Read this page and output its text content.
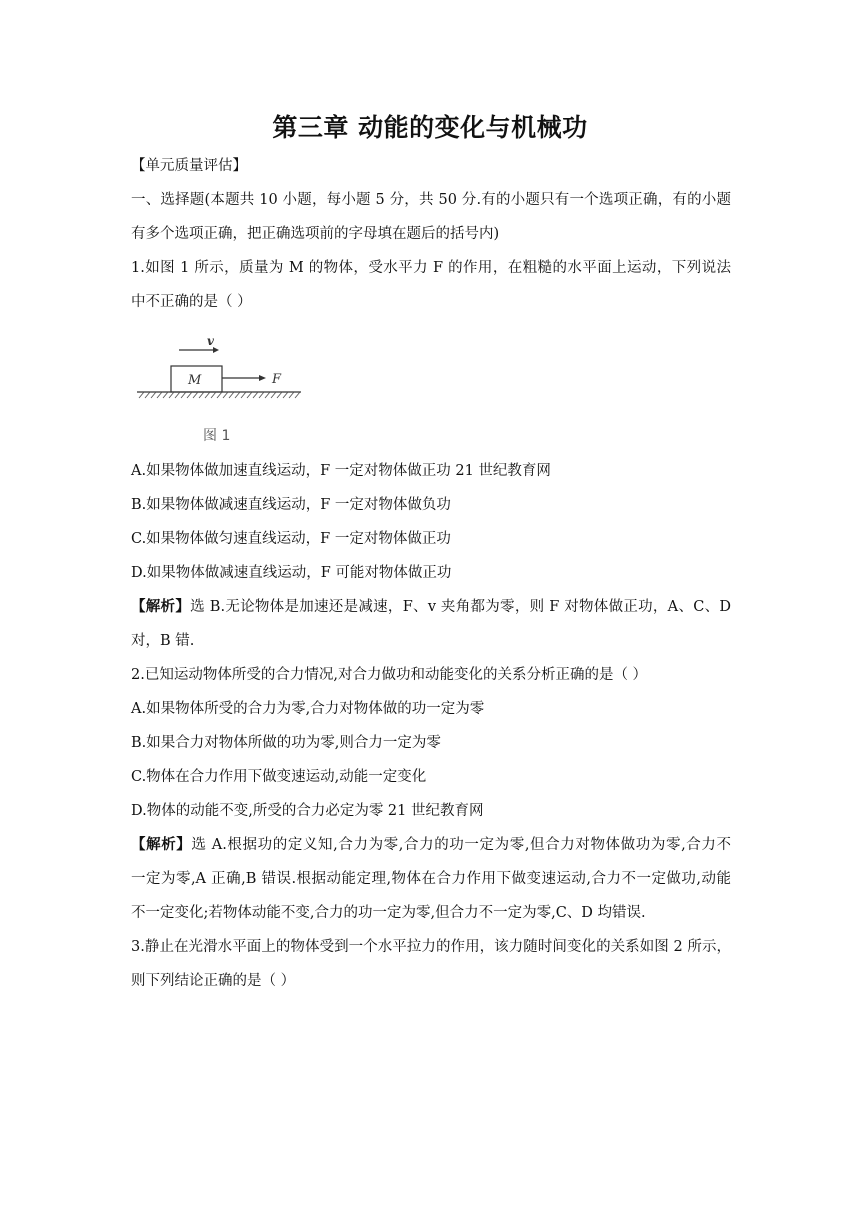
第三章 动能的变化与机械功
【单元质量评估】
一、选择题(本题共 10 小题，每小题 5 分，共 50 分.有的小题只有一个选项正确，有的小题
有多个选项正确，把正确选项前的字母填在题后的括号内)
1.如图 1 所示，质量为 M 的物体，受水平力 F 的作用，在粗糙的水平面上运动，下列说法
中不正确的是（ ）
v
M	F
图 1
A.如果物体做加速直线运动，F 一定对物体做正功 21 世纪教育网
B.如果物体做减速直线运动，F 一定对物体做负功
C.如果物体做匀速直线运动，F 一定对物体做正功
D.如果物体做减速直线运动，F 可能对物体做正功
【解析】选 B.无论物体是加速还是减速，F、v 夹角都为零，则 F 对物体做正功，A、C、D
对，B 错.
2.已知运动物体所受的合力情况,对合力做功和动能变化的关系分析正确的是（ ）
A.如果物体所受的合力为零,合力对物体做的功一定为零
B.如果合力对物体所做的功为零,则合力一定为零
C.物体在合力作用下做变速运动,动能一定变化
D.物体的动能不变,所受的合力必定为零 21 世纪教育网
【解析】选 A.根据功的定义知,合力为零,合力的功一定为零,但合力对物体做功为零,合力不
一定为零,A 正确,B 错误.根据动能定理,物体在合力作用下做变速运动,合力不一定做功,动能
不一定变化;若物体动能不变,合力的功一定为零,但合力不一定为零,C、D 均错误.
3.静止在光滑水平面上的物体受到一个水平拉力的作用，该力随时间变化的关系如图 2 所示，
则下列结论正确的是（ ）
